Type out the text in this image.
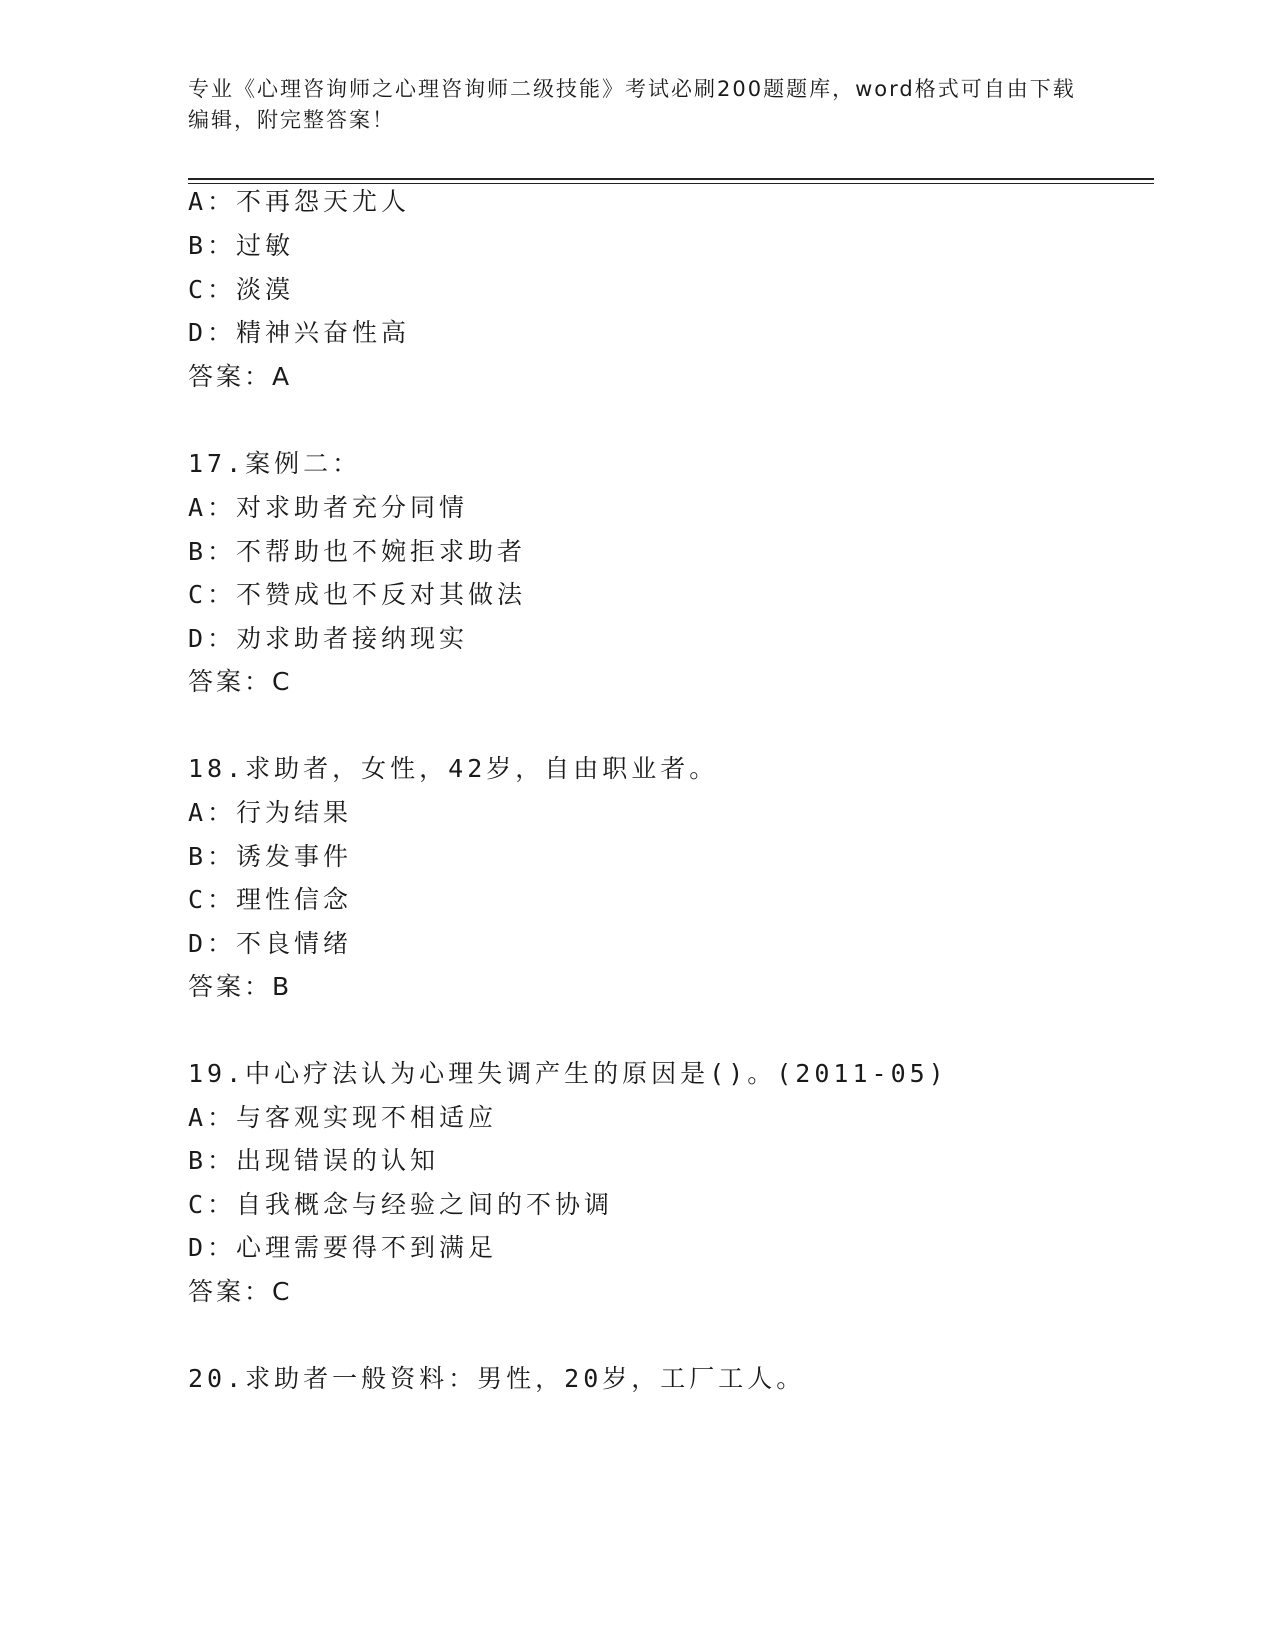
专业《心理咨询师之心理咨询师二级技能》考试必刷200题题库，word格式可自由下载编辑，附完整答案！
A：不再怨天尤人
B：过敏
C：淡漠
D：精神兴奋性高
答案：A
17.案例二：
A：对求助者充分同情
B：不帮助也不婉拒求助者
C：不赞成也不反对其做法
D：劝求助者接纳现实
答案：C
18.求助者，女性，42岁，自由职业者。
A：行为结果
B：诱发事件
C：理性信念
D：不良情绪
答案：B
19.中心疗法认为心理失调产生的原因是()。(2011-05)
A：与客观实现不相适应
B：出现错误的认知
C：自我概念与经验之间的不协调
D：心理需要得不到满足
答案：C
20.求助者一般资料：男性，20岁，工厂工人。
